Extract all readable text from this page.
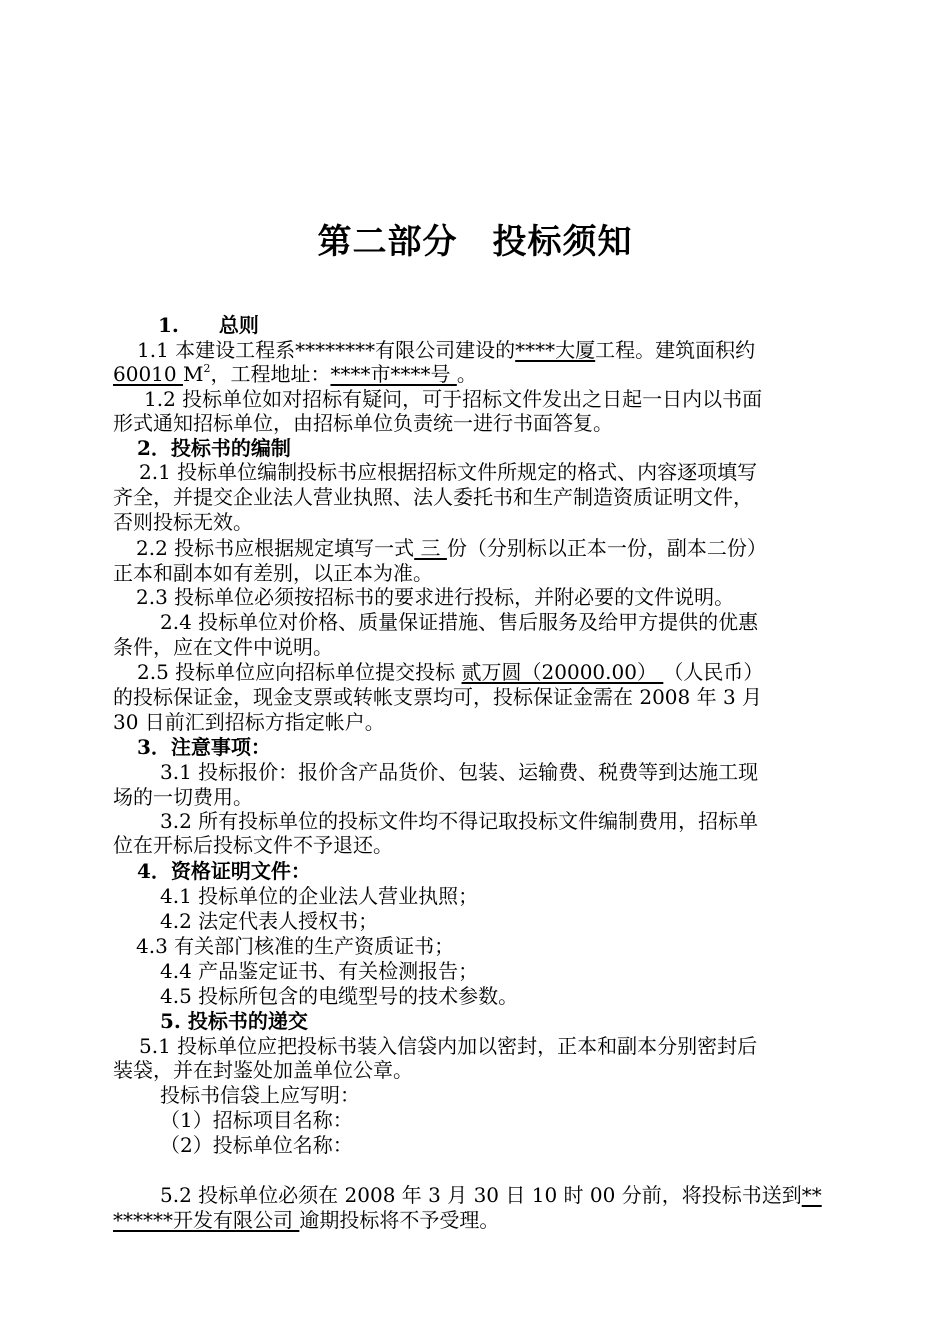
第二部分　投标须知
1.　　总则
1.1 本建设工程系********有限公司建设的****大厦工程。建筑面积约
60010 $M^2$，工程地址：****市****号 。
1.2 投标单位如对招标有疑问，可于招标文件发出之日起一日内以书面
形式通知招标单位，由招标单位负责统一进行书面答复。
2．投标书的编制
2.1 投标单位编制投标书应根据招标文件所规定的格式、内容逐项填写
齐全，并提交企业法人营业执照、法人委托书和生产制造资质证明文件，
否则投标无效。
2.2 投标书应根据规定填写一式 三 份（分别标以正本一份，副本二份）
正本和副本如有差别，以正本为准。
2.3 投标单位必须按招标书的要求进行投标，并附必要的文件说明。
2.4 投标单位对价格、质量保证措施、售后服务及给甲方提供的优惠
条件，应在文件中说明。
2.5 投标单位应向招标单位提交投标 贰万圆（20000.00） （人民币）
的投标保证金，现金支票或转帐支票均可，投标保证金需在 2008 年 3 月
30 日前汇到招标方指定帐户。
3．注意事项：
3.1 投标报价：报价含产品货价、包装、运输费、税费等到达施工现
场的一切费用。
3.2 所有投标单位的投标文件均不得记取投标文件编制费用，招标单
位在开标后投标文件不予退还。
4．资格证明文件：
4.1 投标单位的企业法人营业执照；
4.2 法定代表人授权书；
4.3 有关部门核准的生产资质证书；
4.4 产品鉴定证书、有关检测报告；
4.5 投标所包含的电缆型号的技术参数。
5. 投标书的递交
5.1 投标单位应把投标书装入信袋内加以密封，正本和副本分别密封后
装袋，并在封鉴处加盖单位公章。
投标书信袋上应写明：
（1）招标项目名称：
（2）投标单位名称：
5.2 投标单位必须在 2008 年 3 月 30 日 10 时 00 分前，将投标书送到**
******开发有限公司 逾期投标将不予受理。
